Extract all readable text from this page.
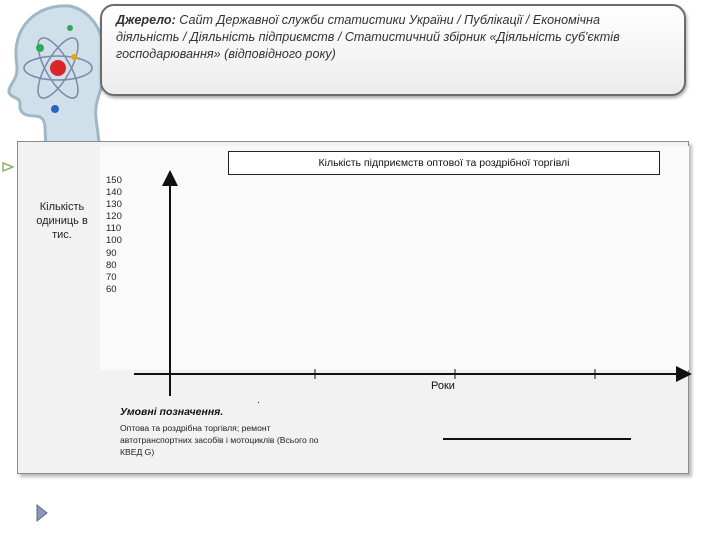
Джерело: Сайт Державної служби статистики України / Публікації / Економічна
діяльність / Діяльність підприємств / Статистичний збірник «Діяльність суб'єктів
господарювання» (відповідного року)
Кількість підприємств оптової та роздрібної торгівлі
Кількість
одиниць в
тис.
150
140
130
120
110
100
90
80
70
60
Роки
.
Умовні позначення.
Оптова та роздрібна торгівля; ремонт
автотранспортних засобів і мотоциклів (Всього по
КВЕД G)
